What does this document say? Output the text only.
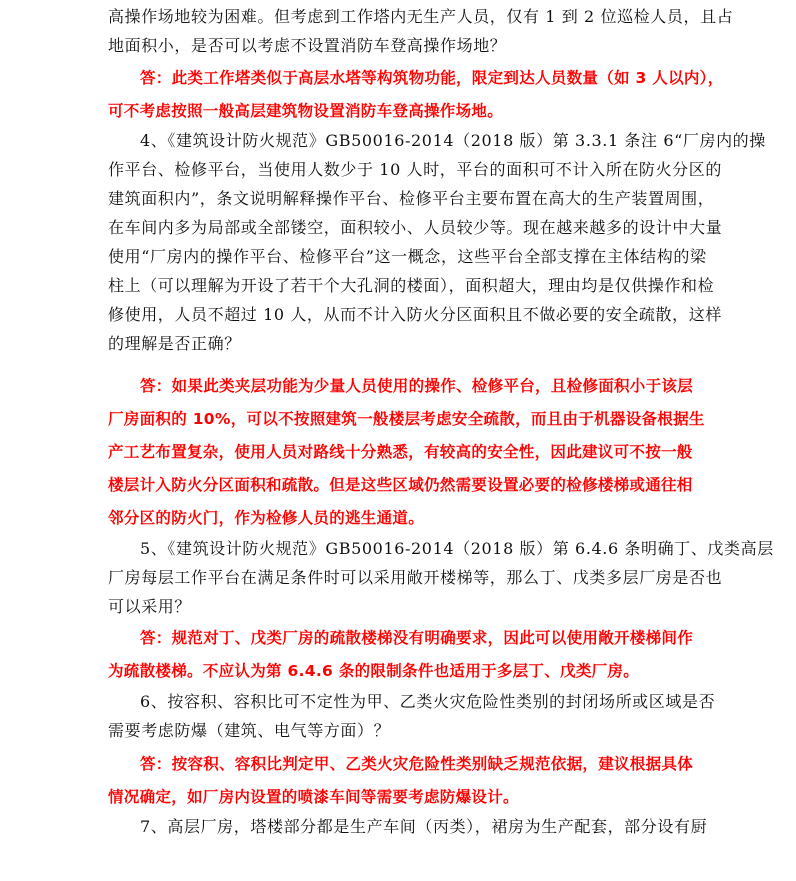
高操作场地较为困难。但考虑到工作塔内无生产人员，仅有 1 到 2 位巡检人员，且占
地面积小，是否可以考虑不设置消防车登高操作场地？

答：此类工作塔类似于高层水塔等构筑物功能，限定到达人员数量（如 3 人以内），
可不考虑按照一般高层建筑物设置消防车登高操作场地。

4、《建筑设计防火规范》GB50016-2014（2018 版）第 3.3.1 条注 6“厂房内的操
作平台、检修平台，当使用人数少于 10 人时，平台的面积可不计入所在防火分区的
建筑面积内”，条文说明解释操作平台、检修平台主要布置在高大的生产装置周围，
在车间内多为局部或全部镂空，面积较小、人员较少等。现在越来越多的设计中大量
使用“厂房内的操作平台、检修平台”这一概念，这些平台全部支撑在主体结构的梁
柱上（可以理解为开设了若干个大孔洞的楼面），面积超大，理由均是仅供操作和检
修使用，人员不超过 10 人，从而不计入防火分区面积且不做必要的安全疏散，这样
的理解是否正确？

答：如果此类夹层功能为少量人员使用的操作、检修平台，且检修面积小于该层
厂房面积的 10%，可以不按照建筑一般楼层考虑安全疏散，而且由于机器设备根据生
产工艺布置复杂，使用人员对路线十分熟悉，有较高的安全性，因此建议可不按一般
楼层计入防火分区面积和疏散。但是这些区域仍然需要设置必要的检修楼梯或通往相
邻分区的防火门，作为检修人员的逃生通道。

5、《建筑设计防火规范》GB50016-2014（2018 版）第 6.4.6 条明确丁、戊类高层
厂房每层工作平台在满足条件时可以采用敞开楼梯等，那么丁、戊类多层厂房是否也
可以采用？

答：规范对丁、戊类厂房的疏散楼梯没有明确要求，因此可以使用敞开楼梯间作
为疏散楼梯。不应认为第 6.4.6 条的限制条件也适用于多层丁、戊类厂房。

6、按容积、容积比可不定性为甲、乙类火灾危险性类别的封闭场所或区域是否
需要考虑防爆（建筑、电气等方面）？

答：按容积、容积比判定甲、乙类火灾危险性类别缺乏规范依据，建议根据具体
情况确定，如厂房内设置的喷漆车间等需要考虑防爆设计。

7、高层厂房，塔楼部分都是生产车间（丙类），裙房为生产配套，部分设有厨
